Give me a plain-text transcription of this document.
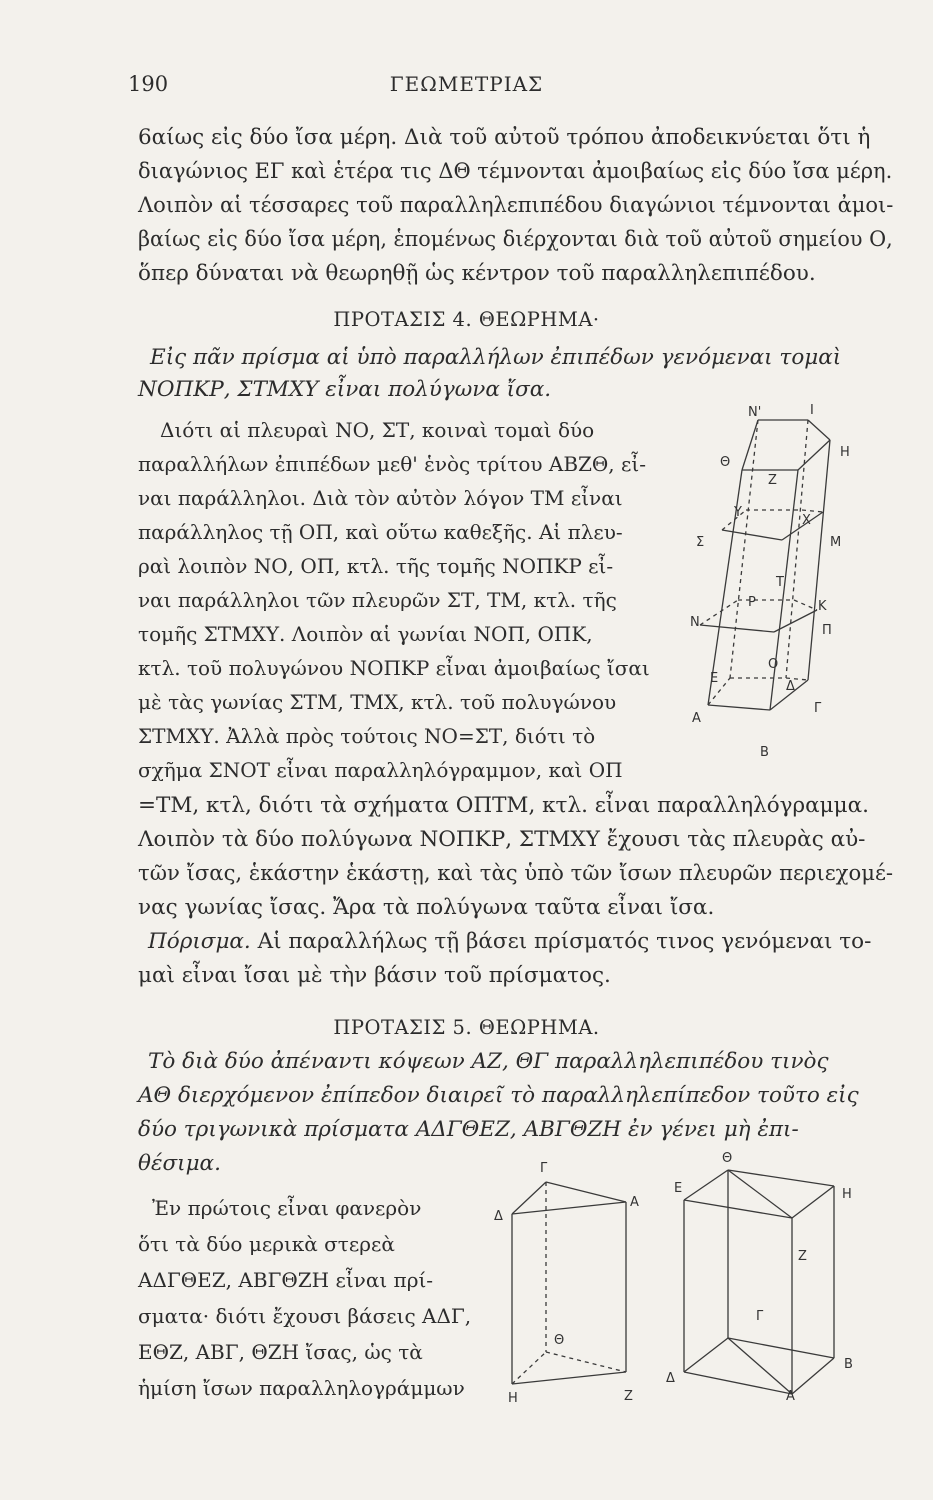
190	ΓΕΩΜΕΤΡΙΑΣ
6αίως εἰς δύο ἴσα μέρη. Διὰ τοῦ αὐτοῦ τρόπου ἀποδεικνύεται ὅτι ἡ
διαγώνιος ΕΓ καὶ ἑτέρα τις ΔΘ τέμνονται ἀμοιβαίως εἰς δύο ἴσα μέρη.
Λοιπὸν αἱ τέσσαρες τοῦ παραλληλεπιπέδου διαγώνιοι τέμνονται ἀμοι-
βαίως εἰς δύο ἴσα μέρη, ἑπομένως διέρχονται διὰ τοῦ αὐτοῦ σημείου Ο,
ὅπερ δύναται νὰ θεωρηθῇ ὡς κέντρον τοῦ παραλληλεπιπέδου.
ΠΡΟΤΑΣΙΣ 4. ΘΕΩΡΗΜΑ·
Εἰς πᾶν πρίσμα αἱ ὑπὸ παραλλήλων ἐπιπέδων γενόμεναι τομαὶ
ΝΟΠΚΡ, ΣΤΜΧΥ εἶναι πολύγωνα ἴσα.
Διότι αἱ πλευραὶ ΝΟ, ΣΤ, κοιναὶ τομαὶ δύο
παραλλήλων ἐπιπέδων μεθ' ἑνὸς τρίτου ΑΒΖΘ, εἶ-
ναι παράλληλοι. Διὰ τὸν αὐτὸν λόγον ΤΜ εἶναι
παράλληλος τῇ ΟΠ, καὶ οὕτω καθεξῆς. Αἱ πλευ-
ραὶ λοιπὸν ΝΟ, ΟΠ, κτλ. τῆς τομῆς ΝΟΠΚΡ εἶ-
ναι παράλληλοι τῶν πλευρῶν ΣΤ, ΤΜ, κτλ. τῆς
τομῆς ΣΤΜΧΥ. Λοιπὸν αἱ γωνίαι ΝΟΠ, ΟΠΚ,
κτλ. τοῦ πολυγώνου ΝΟΠΚΡ εἶναι ἀμοιβαίως ἴσαι
μὲ τὰς γωνίας ΣΤΜ, ΤΜΧ, κτλ. τοῦ πολυγώνου
ΣΤΜΧΥ. Ἀλλὰ πρὸς τούτοις ΝΟ=ΣΤ, διότι τὸ
σχῆμα ΣΝΟΤ εἶναι παραλληλόγραμμον, καὶ ΟΠ
=ΤΜ, κτλ, διότι τὰ σχήματα ΟΠΤΜ, κτλ. εἶναι παραλληλόγραμμα.
Λοιπὸν τὰ δύο πολύγωνα ΝΟΠΚΡ, ΣΤΜΧΥ ἔχουσι τὰς πλευρὰς αὐ-
τῶν ἴσας, ἑκάστην ἑκάστῃ, καὶ τὰς ὑπὸ τῶν ἴσων πλευρῶν περιεχομέ-
νας γωνίας ἴσας. Ἄρα τὰ πολύγωνα ταῦτα εἶναι ἴσα.
Πόρισμα. Αἱ παραλλήλως τῇ βάσει πρίσματός τινος γενόμεναι το-
μαὶ εἶναι ἴσαι μὲ τὴν βάσιν τοῦ πρίσματος.
Ν'	Ι
Θ
Η
Ζ
Υ
Χ
Σ	Μ
Τ
Ρ	Κ
Ν
Π
Ο
Ε
Δ
Α
Γ
Β
ΠΡΟΤΑΣΙΣ 5. ΘΕΩΡΗΜΑ.
Τὸ διὰ δύο ἀπέναντι κόψεων ΑΖ, ΘΓ παραλληλεπιπέδου τινὸς
ΑΘ διερχόμενον ἐπίπεδον διαιρεῖ τὸ παραλληλεπίπεδον τοῦτο εἰς
δύο τριγωνικὰ πρίσματα ΑΔΓΘΕΖ, ΑΒΓΘΖΗ ἐν γένει μὴ ἐπι-
θέσιμα.
Ἐν πρώτοις εἶναι φανερὸν
ὅτι τὰ δύο μερικὰ στερεὰ
ΑΔΓΘΕΖ, ΑΒΓΘΖΗ εἶναι πρί-
σματα· διότι ἔχουσι βάσεις ΑΔΓ,
ΕΘΖ, ΑΒΓ, ΘΖΗ ἴσας, ὡς τὰ
ἡμίση ἴσων παραλληλογράμμων
Γ
Δ
Α
Θ
Η	Ζ
Θ
Ε	Η
Ζ
Γ
Β
Δ
Α
